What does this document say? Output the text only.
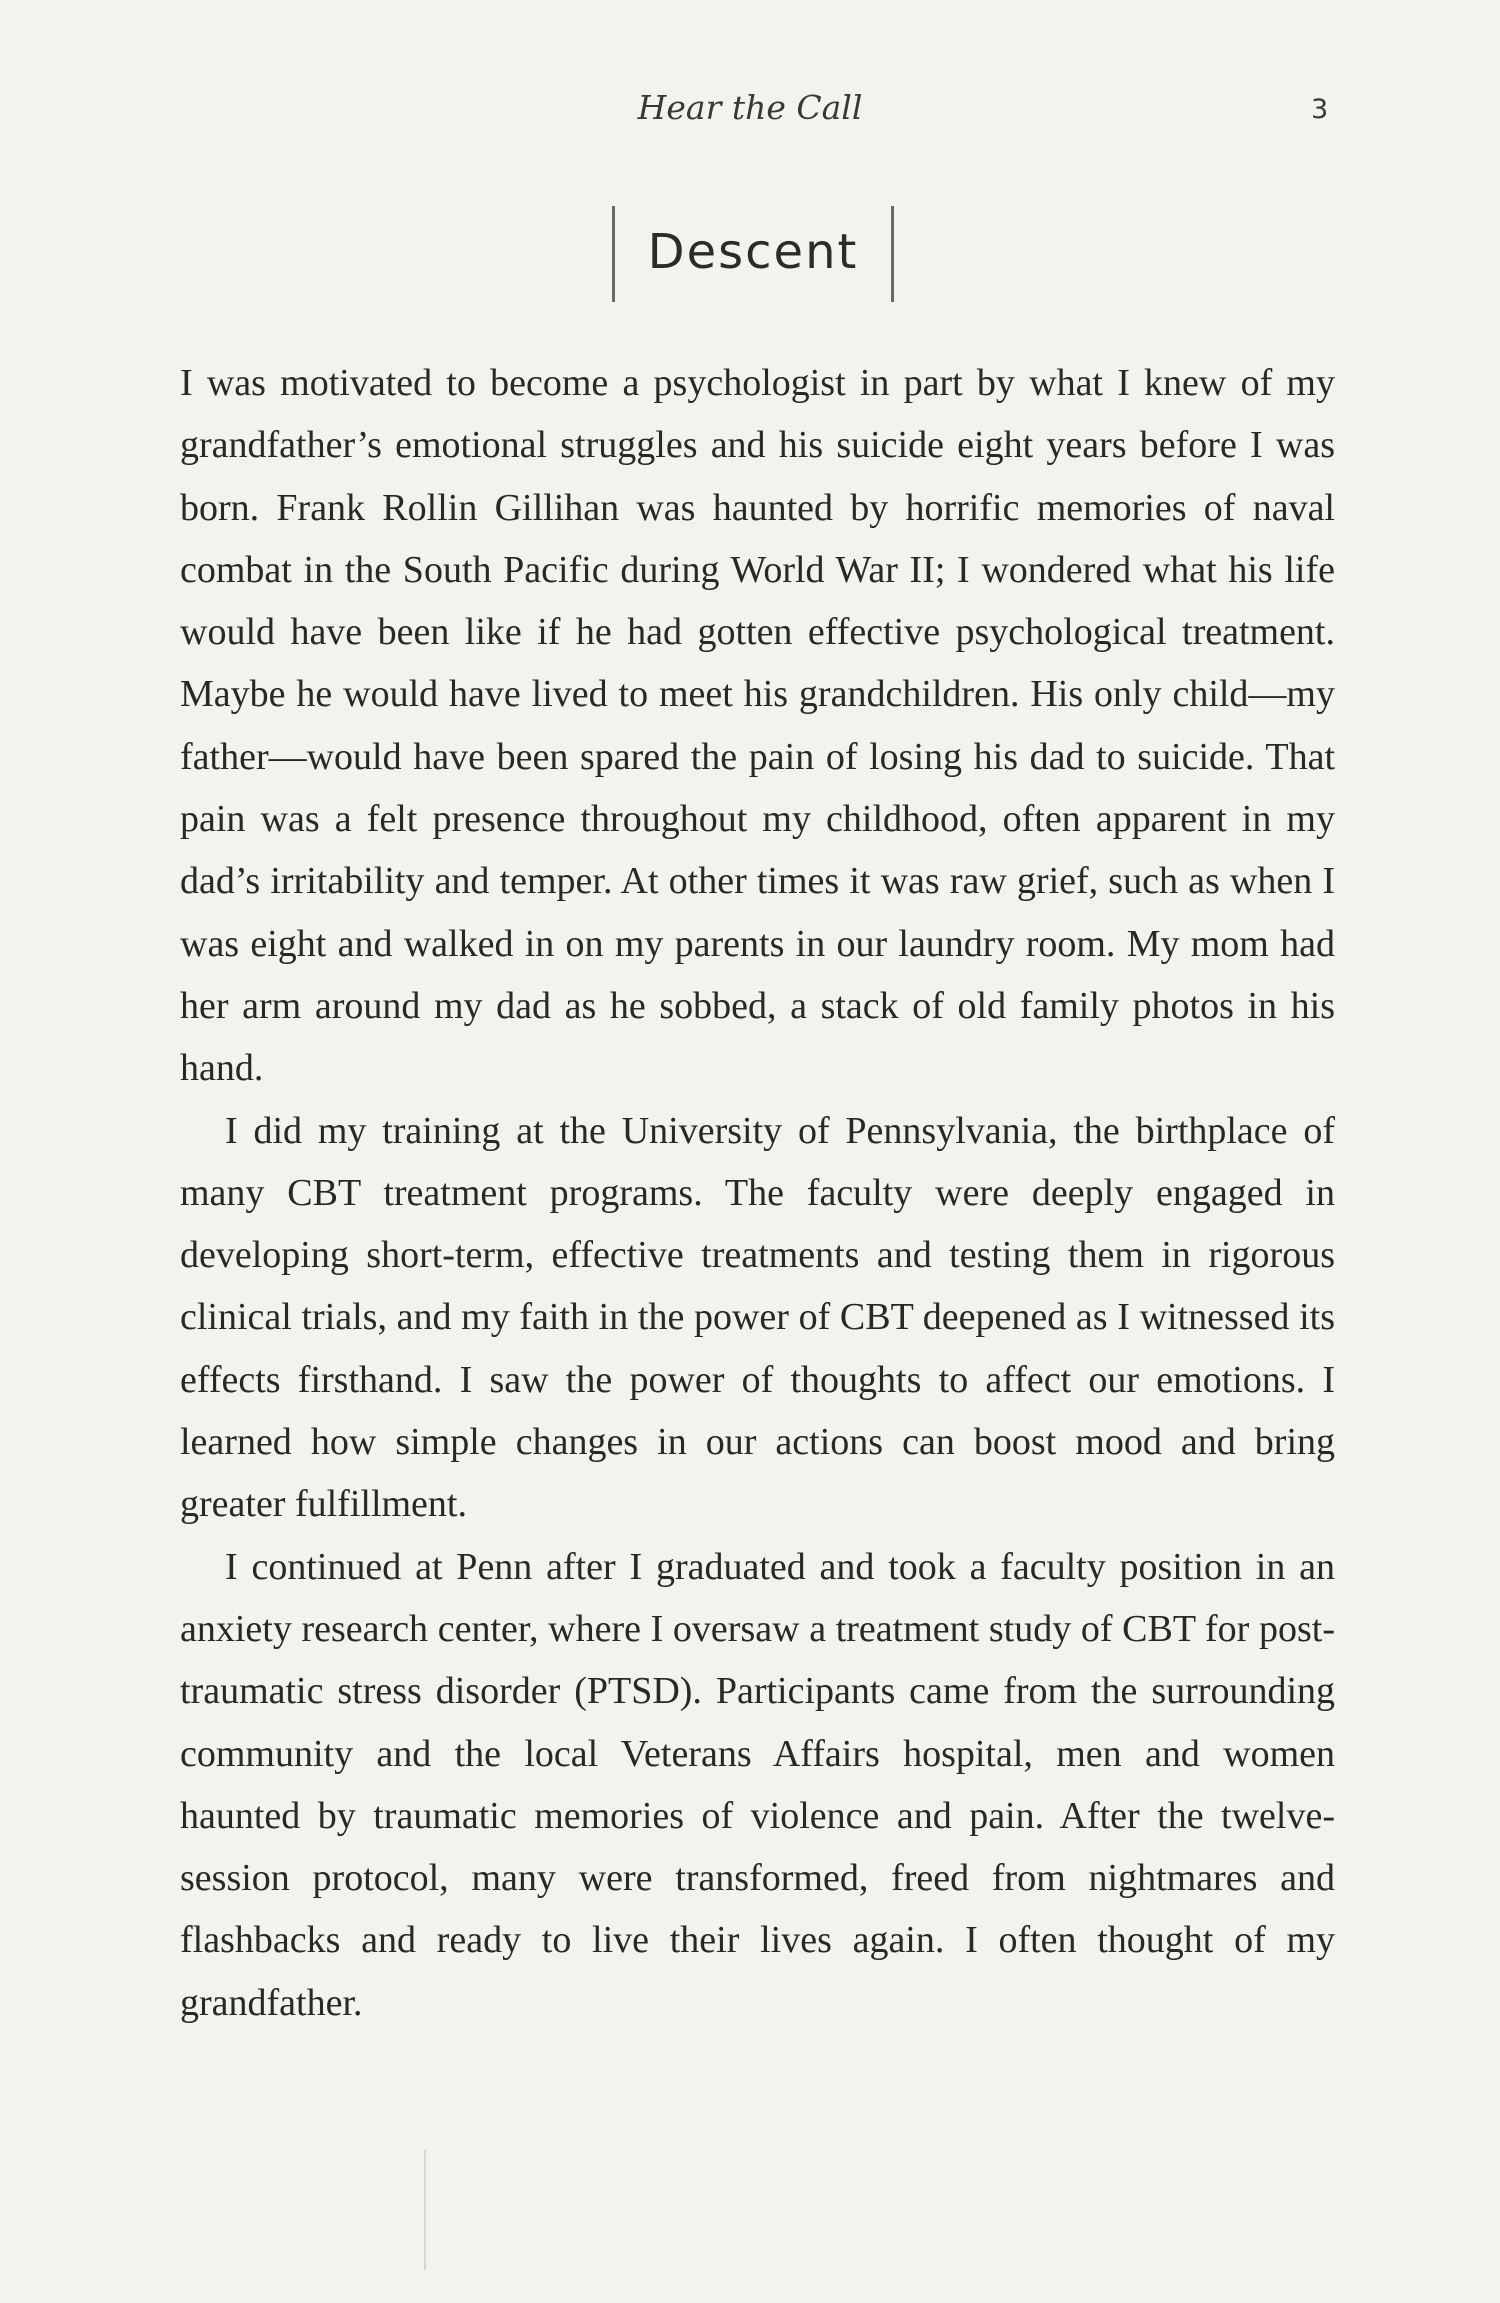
Hear the Call	3
Descent

I was motivated to become a psychologist in part by what I knew of my grandfather’s emotional struggles and his suicide eight years before I was born. Frank Rollin Gillihan was haunted by horrific memories of naval combat in the South Pacific during World War II; I wondered what his life would have been like if he had gotten effective psychological treatment. Maybe he would have lived to meet his grandchildren. His only child—my father—would have been spared the pain of losing his dad to suicide. That pain was a felt presence throughout my childhood, often apparent in my dad’s irritability and temper. At other times it was raw grief, such as when I was eight and walked in on my parents in our laundry room. My mom had her arm around my dad as he sobbed, a stack of old family photos in his hand.

I did my training at the University of Pennsylvania, the birthplace of many CBT treatment programs. The faculty were deeply engaged in developing short-term, effective treatments and testing them in rigorous clinical trials, and my faith in the power of CBT deepened as I witnessed its effects firsthand. I saw the power of thoughts to affect our emotions. I learned how simple changes in our actions can boost mood and bring greater fulfillment.

I continued at Penn after I graduated and took a faculty position in an anxiety research center, where I oversaw a treatment study of CBT for post-traumatic stress disorder (PTSD). Participants came from the surrounding community and the local Veterans Affairs hospital, men and women haunted by traumatic memories of violence and pain. After the twelve-session protocol, many were transformed, freed from nightmares and flashbacks and ready to live their lives again. I often thought of my grandfather.
